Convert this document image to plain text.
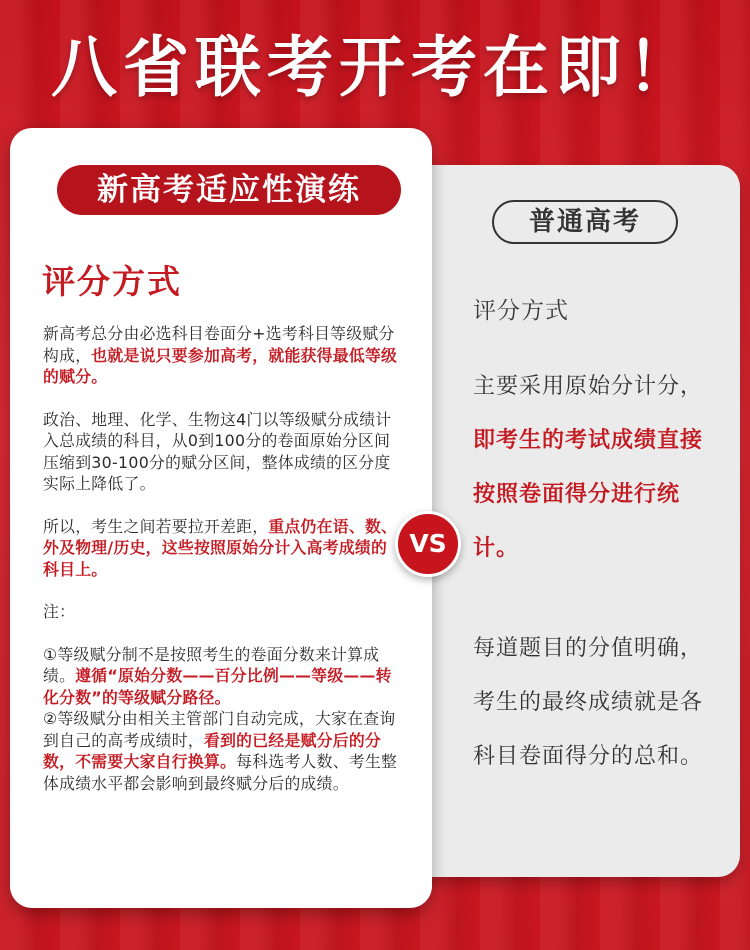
八省联考开考在即！
普通高考
评分方式

主要采用原始分计分，

即考生的考试成绩直接按照卷面得分进行统计。

每道题目的分值明确，考生的最终成绩就是各科目卷面得分的总和。

新高考适应性演练
评分方式

新高考总分由必选科目卷面分+选考科目等级赋分构成，也就是说只要参加高考，就能获得最低等级的赋分。

政治、地理、化学、生物这4门以等级赋分成绩计入总成绩的科目，从0到100分的卷面原始分区间压缩到30-100分的赋分区间，整体成绩的区分度实际上降低了。

所以，考生之间若要拉开差距，重点仍在语、数、外及物理/历史，这些按照原始分计入高考成绩的科目上。

注：

①等级赋分制不是按照考生的卷面分数来计算成绩。遵循“原始分数——百分比例——等级——转化分数”的等级赋分路径。

②等级赋分由相关主管部门自动完成，大家在查询到自己的高考成绩时，看到的已经是赋分后的分数，不需要大家自行换算。每科选考人数、考生整体成绩水平都会影响到最终赋分后的成绩。

VS
